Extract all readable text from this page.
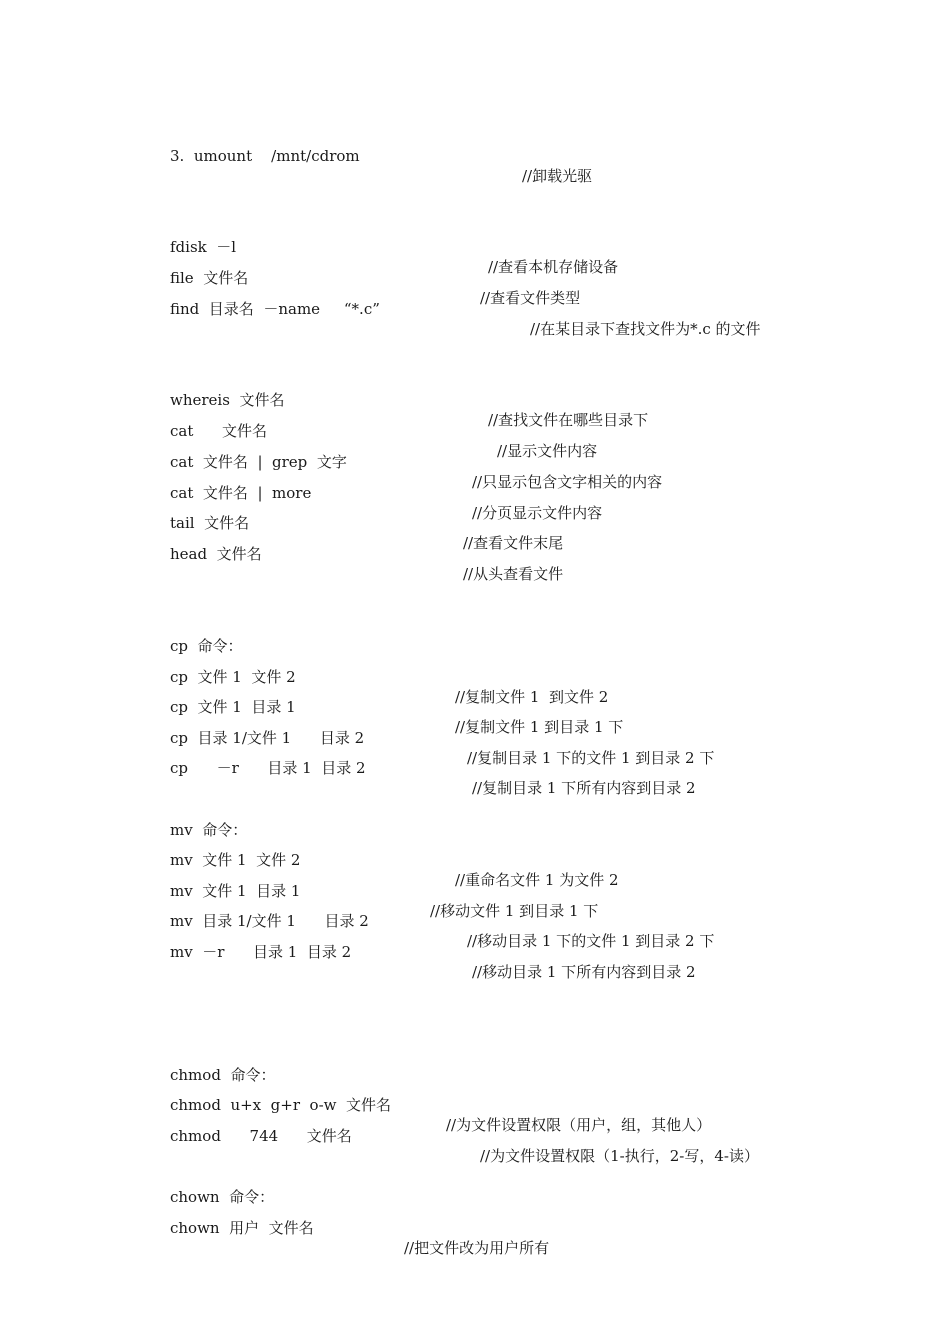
3.  umount    /mnt/cdrom

//卸载光驱

fdisk  －l

//查看本机存储设备

file  文件名

//查看文件类型

find  目录名  －name     “*.c”

//在某目录下查找文件为*.c 的文件

whereis  文件名

//查找文件在哪些目录下

cat      文件名

//显示文件内容

cat  文件名  |  grep  文字

//只显示包含文字相关的内容

cat  文件名  |  more

//分页显示文件内容

tail  文件名

//查看文件末尾

head  文件名

//从头查看文件

cp  命令：

cp  文件 1  文件 2

//复制文件 1  到文件 2

cp  文件 1  目录 1

//复制文件 1 到目录 1 下

cp  目录 1/文件 1      目录 2

//复制目录 1 下的文件 1 到目录 2 下

cp      －r      目录 1  目录 2

//复制目录 1 下所有内容到目录 2

mv  命令：

mv  文件 1  文件 2

//重命名文件 1 为文件 2

mv  文件 1  目录 1

//移动文件 1 到目录 1 下

mv  目录 1/文件 1      目录 2

//移动目录 1 下的文件 1 到目录 2 下

mv  －r      目录 1  目录 2

//移动目录 1 下所有内容到目录 2

chmod  命令：

chmod  u+x  g+r  o-w  文件名

//为文件设置权限（用户，组，其他人）

chmod      744      文件名

//为文件设置权限（1-执行，2-写，4-读）

chown  命令：

chown  用户  文件名

//把文件改为用户所有
